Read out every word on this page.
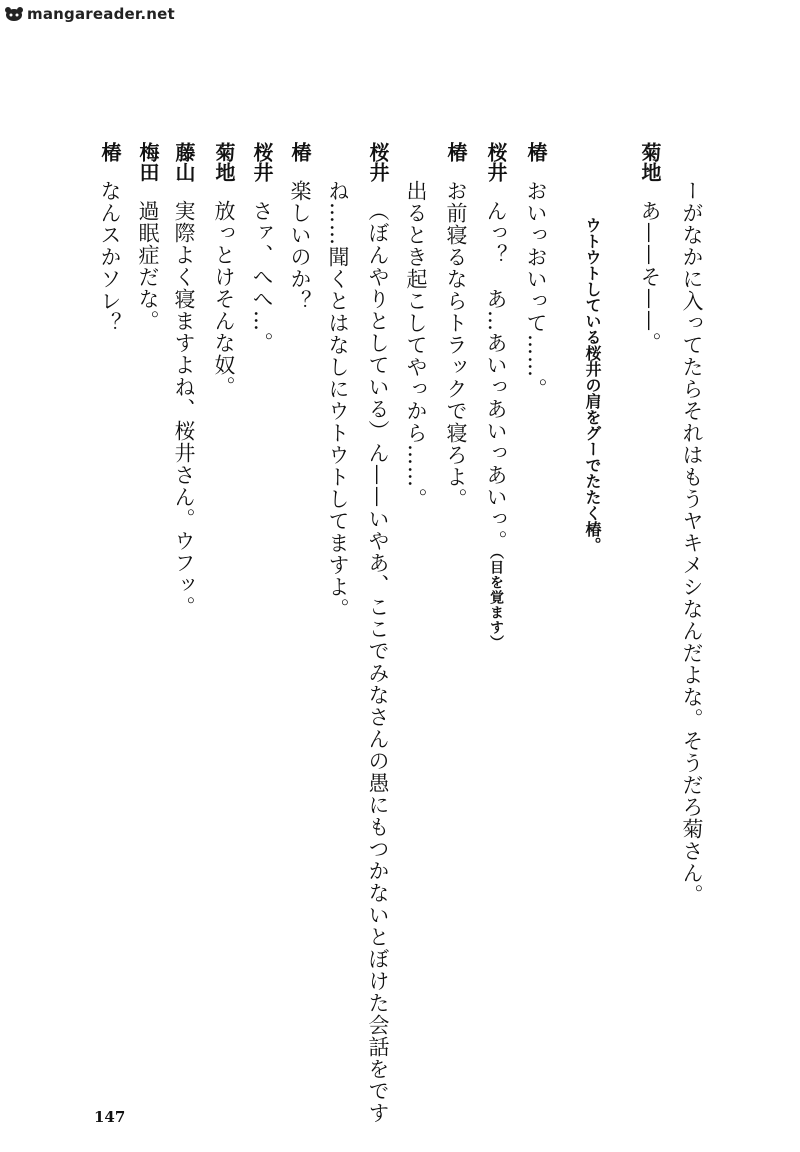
mangareader.net
ーがなかに入ってたらそれはもうヤキメシなんだよな。そうだろ菊さん。
菊地あ——そ——。
ウトウトしている桜井の肩をグーでたたく椿。
椿おいっおいって……。
桜井んっ？　あ…あいっあいっあいっ。（目を覚ます）
椿お前寝るならトラックで寝ろよ。
出るとき起こしてやっから……。
桜井（ぼんやりとしている）ん——いやあ、ここでみなさんの愚にもつかないとぼけた会話をです
ね……聞くとはなしにウトウトしてますよ。
椿楽しいのか？
桜井さァ、へへ…。
菊地放っとけそんな奴。
藤山実際よく寝ますよね、桜井さん。ウフッ。
梅田過眠症だな。
椿なんスかソレ？
147
